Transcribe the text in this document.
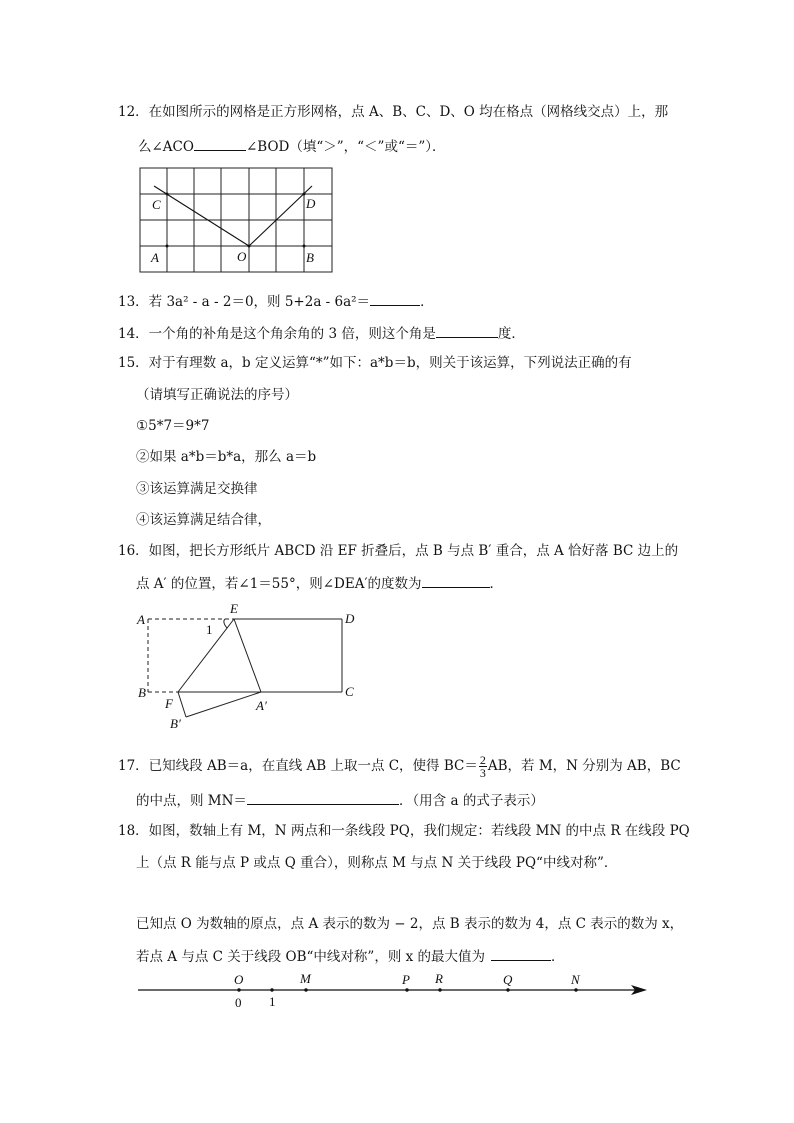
12．在如图所示的网格是正方形网格，点 A、B、C、D、O 均在格点（网格线交点）上，那
么∠ACO	∠BOD（填“＞”，“＜”或“＝”）．
C	D
A	O	B
13．若 3a² - a - 2＝0，则 5+2a - 6a²＝	．
14．一个角的补角是这个角余角的 3 倍，则这个角是	度．
15．对于有理数 a，b 定义运算“*”如下：a*b＝b，则关于该运算，下列说法正确的有
（请填写正确说法的序号）
①5*7＝9*7
②如果 a*b＝b*a，那么 a＝b
③该运算满足交换律
④该运算满足结合律，
16．如图，把长方形纸片 ABCD 沿 EF 折叠后，点 B 与点 B′ 重合，点 A 恰好落 BC 边上的
点 A′ 的位置，若∠1＝55°，则∠DEA′的度数为	．
A
E
D
1
B
F	A′
C
B′
17．已知线段 AB＝a，在直线 AB 上取一点 C，使得 $BC= \frac{2}{3}$ AB，若 M，N 分别为 AB，BC
的中点，则 MN＝	．（用含 a 的式子表示）
18．如图，数轴上有 M，N 两点和一条线段 PQ，我们规定：若线段 MN 的中点 R 在线段 PQ
上（点 R 能与点 P 或点 Q 重合），则称点 M 与点 N 关于线段 PQ“中线对称”．
已知点 O 为数轴的原点，点 A 表示的数为 − 2，点 B 表示的数为 4，点 C 表示的数为 x，
若点 A 与点 C 关于线段 OB“中线对称”，则 x 的最大值为	．
O	M	P R	Q	N
0 1
